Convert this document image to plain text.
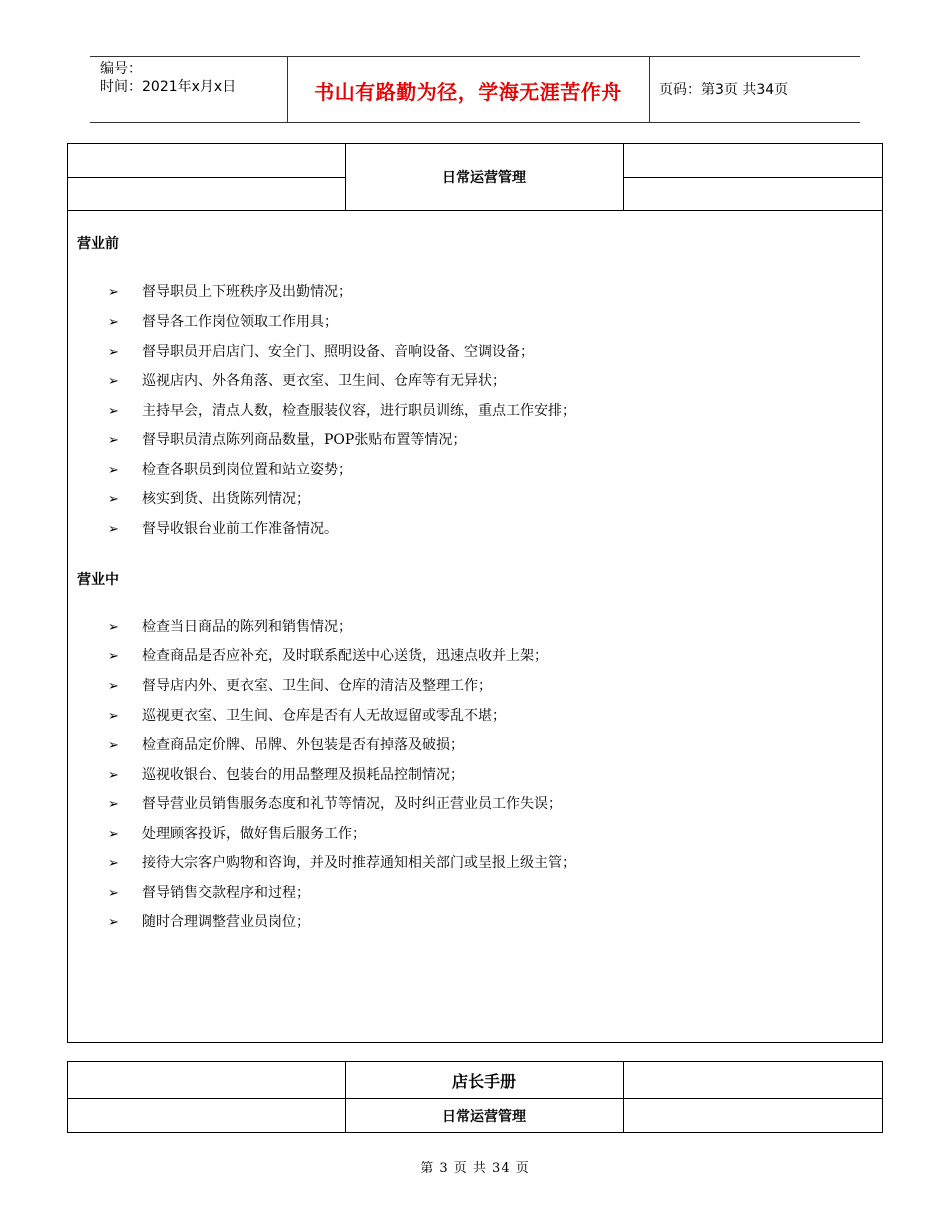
编号：
时间：2021年x月x日	书山有路勤为径，学海无涯苦作舟	页码：第3页 共34页
日常运营管理
营业前
➢ 督导职员上下班秩序及出勤情况；
➢ 督导各工作岗位领取工作用具；
➢ 督导职员开启店门、安全门、照明设备、音响设备、空调设备；
➢ 巡视店内、外各角落、更衣室、卫生间、仓库等有无异状；
➢ 主持早会，清点人数，检查服装仪容，进行职员训练，重点工作安排；
➢ 督导职员清点陈列商品数量，POP张贴布置等情况；
➢ 检查各职员到岗位置和站立姿势；
➢ 核实到货、出货陈列情况；
➢ 督导收银台业前工作准备情况。
营业中
➢ 检查当日商品的陈列和销售情况；
➢ 检查商品是否应补充，及时联系配送中心送货，迅速点收并上架；
➢ 督导店内外、更衣室、卫生间、仓库的清洁及整理工作；
➢ 巡视更衣室、卫生间、仓库是否有人无故逗留或零乱不堪；
➢ 检查商品定价牌、吊牌、外包装是否有掉落及破损；
➢ 巡视收银台、包装台的用品整理及损耗品控制情况；
➢ 督导营业员销售服务态度和礼节等情况，及时纠正营业员工作失误；
➢ 处理顾客投诉，做好售后服务工作；
➢ 接待大宗客户购物和咨询，并及时推荐通知相关部门或呈报上级主管；
➢ 督导销售交款程序和过程；
➢ 随时合理调整营业员岗位；
店长手册
日常运营管理
第 3 页 共 34 页
